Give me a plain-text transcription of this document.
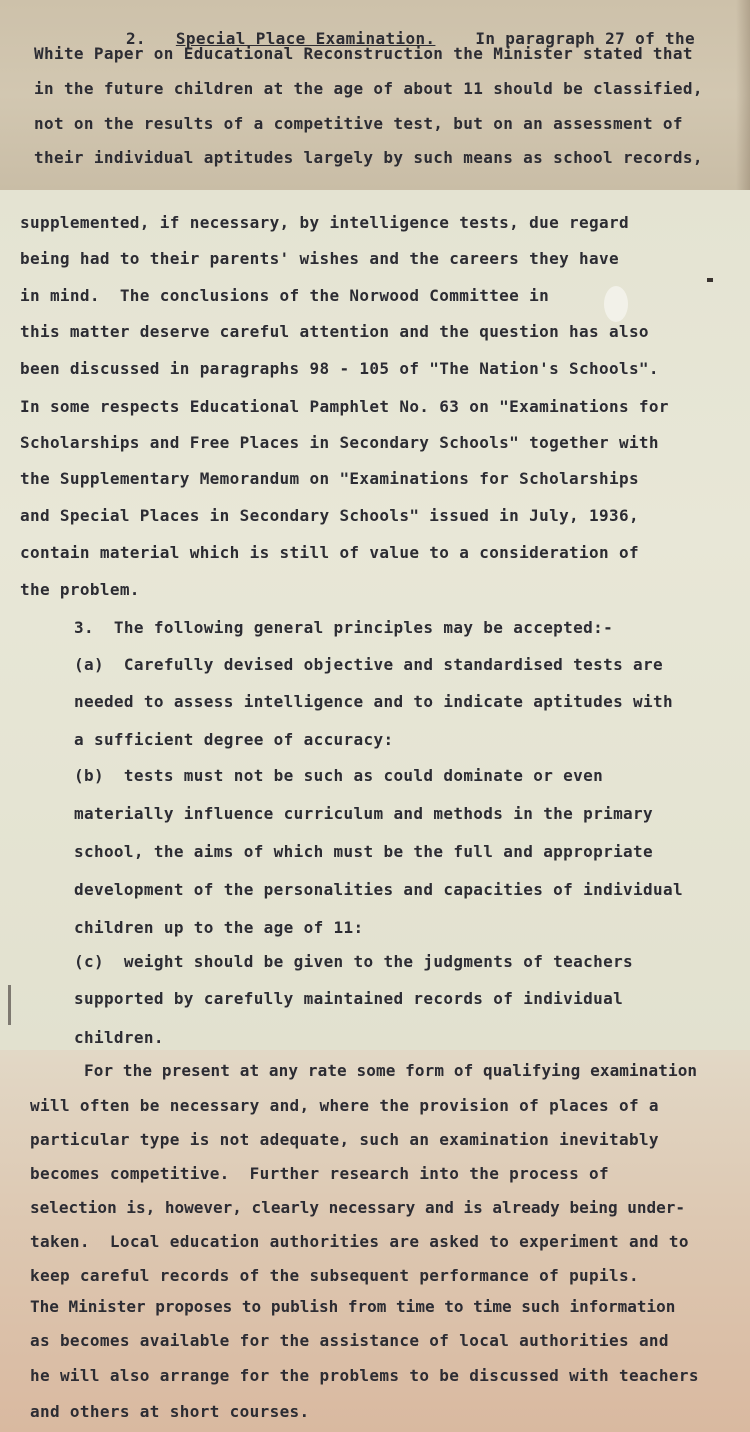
2. Special Place Examination. In paragraph 27 of the

White Paper on Educational Reconstruction the Minister stated that

in the future children at the age of about 11 should be classified,

not on the results of a competitive test, but on an assessment of

their individual aptitudes largely by such means as school records,

supplemented, if necessary, by intelligence tests, due regard

being had to their parents' wishes and the careers they have

in mind.  The conclusions of the Norwood Committee in

this matter deserve careful attention and the question has also

been discussed in paragraphs 98 - 105 of "The Nation's Schools".

In some respects Educational Pamphlet No. 63 on "Examinations for

Scholarships and Free Places in Secondary Schools" together with

the Supplementary Memorandum on "Examinations for Scholarships

and Special Places in Secondary Schools" issued in July, 1936,

contain material which is still of value to a consideration of

the problem.

3.  The following general principles may be accepted:-

(a)  Carefully devised objective and standardised tests are

needed to assess intelligence and to indicate aptitudes with

a sufficient degree of accuracy:

(b)  tests must not be such as could dominate or even

materially influence curriculum and methods in the primary

school, the aims of which must be the full and appropriate

development of the personalities and capacities of individual

children up to the age of 11:

(c)  weight should be given to the judgments of teachers

supported by carefully maintained records of individual

children.

For the present at any rate some form of qualifying examination

will often be necessary and, where the provision of places of a

particular type is not adequate, such an examination inevitably

becomes competitive.  Further research into the process of

selection is, however, clearly necessary and is already being under-

taken.  Local education authorities are asked to experiment and to

keep careful records of the subsequent performance of pupils.

The Minister proposes to publish from time to time such information

as becomes available for the assistance of local authorities and

he will also arrange for the problems to be discussed with teachers

and others at short courses.
